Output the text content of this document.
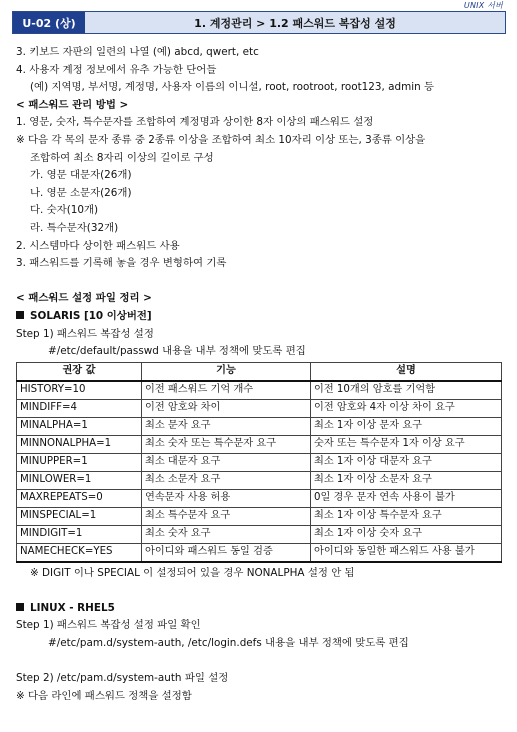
UNIX 서버
U-02 (상)	1. 계정관리 > 1.2 패스워드 복잡성 설정
3. 키보드 자판의 일련의 나열 (예) abcd, qwert, etc
4. 사용자 계정 정보에서 유추 가능한 단어들
(예) 지역명, 부서명, 계정명, 사용자 이름의 이니셜, root, rootroot, root123, admin 등
< 패스워드 관리 방법 >
1. 영문, 숫자, 특수문자를 조합하여 계정명과 상이한 8자 이상의 패스워드 설정
※ 다음 각 목의 문자 종류 중 2종류 이상을 조합하여 최소 10자리 이상 또는, 3종류 이상을
조합하여 최소 8자리 이상의 길이로 구성
가. 영문 대문자(26개)
나. 영문 소문자(26개)
다. 숫자(10개)
라. 특수문자(32개)
2. 시스템마다 상이한 패스워드 사용
3. 패스워드를 기록해 놓을 경우 변형하여 기록
< 패스워드 설정 파일 정리 >
SOLARIS [10 이상버전]
Step 1) 패스워드 복잡성 설정
#/etc/default/passwd 내용을 내부 정책에 맞도록 편집
권장 값	기능	설명
HISTORY=10	이전 패스워드 기억 개수	이전 10개의 암호를 기억함
MINDIFF=4	이전 암호와 차이	이전 암호와 4자 이상 차이 요구
MINALPHA=1	최소 문자 요구	최소 1자 이상 문자 요구
MINNONALPHA=1	최소 숫자 또는 특수문자 요구	숫자 또는 특수문자 1자 이상 요구
MINUPPER=1	최소 대문자 요구	최소 1자 이상 대문자 요구
MINLOWER=1	최소 소문자 요구	최소 1자 이상 소문자 요구
MAXREPEATS=0	연속문자 사용 허용	0일 경우 문자 연속 사용이 불가
MINSPECIAL=1	최소 특수문자 요구	최소 1자 이상 특수문자 요구
MINDIGIT=1	최소 숫자 요구	최소 1자 이상 숫자 요구
NAMECHECK=YES	아이디와 패스워드 동일 검증	아이디와 동일한 패스워드 사용 불가
※ DIGIT 이나 SPECIAL 이 설정되어 있을 경우 NONALPHA 설정 안 됨
LINUX - RHEL5
Step 1) 패스워드 복잡성 설정 파일 확인
#/etc/pam.d/system-auth, /etc/login.defs 내용을 내부 정책에 맞도록 편집
Step 2) /etc/pam.d/system-auth 파일 설정
※ 다음 라인에 패스워드 정책을 설정함
